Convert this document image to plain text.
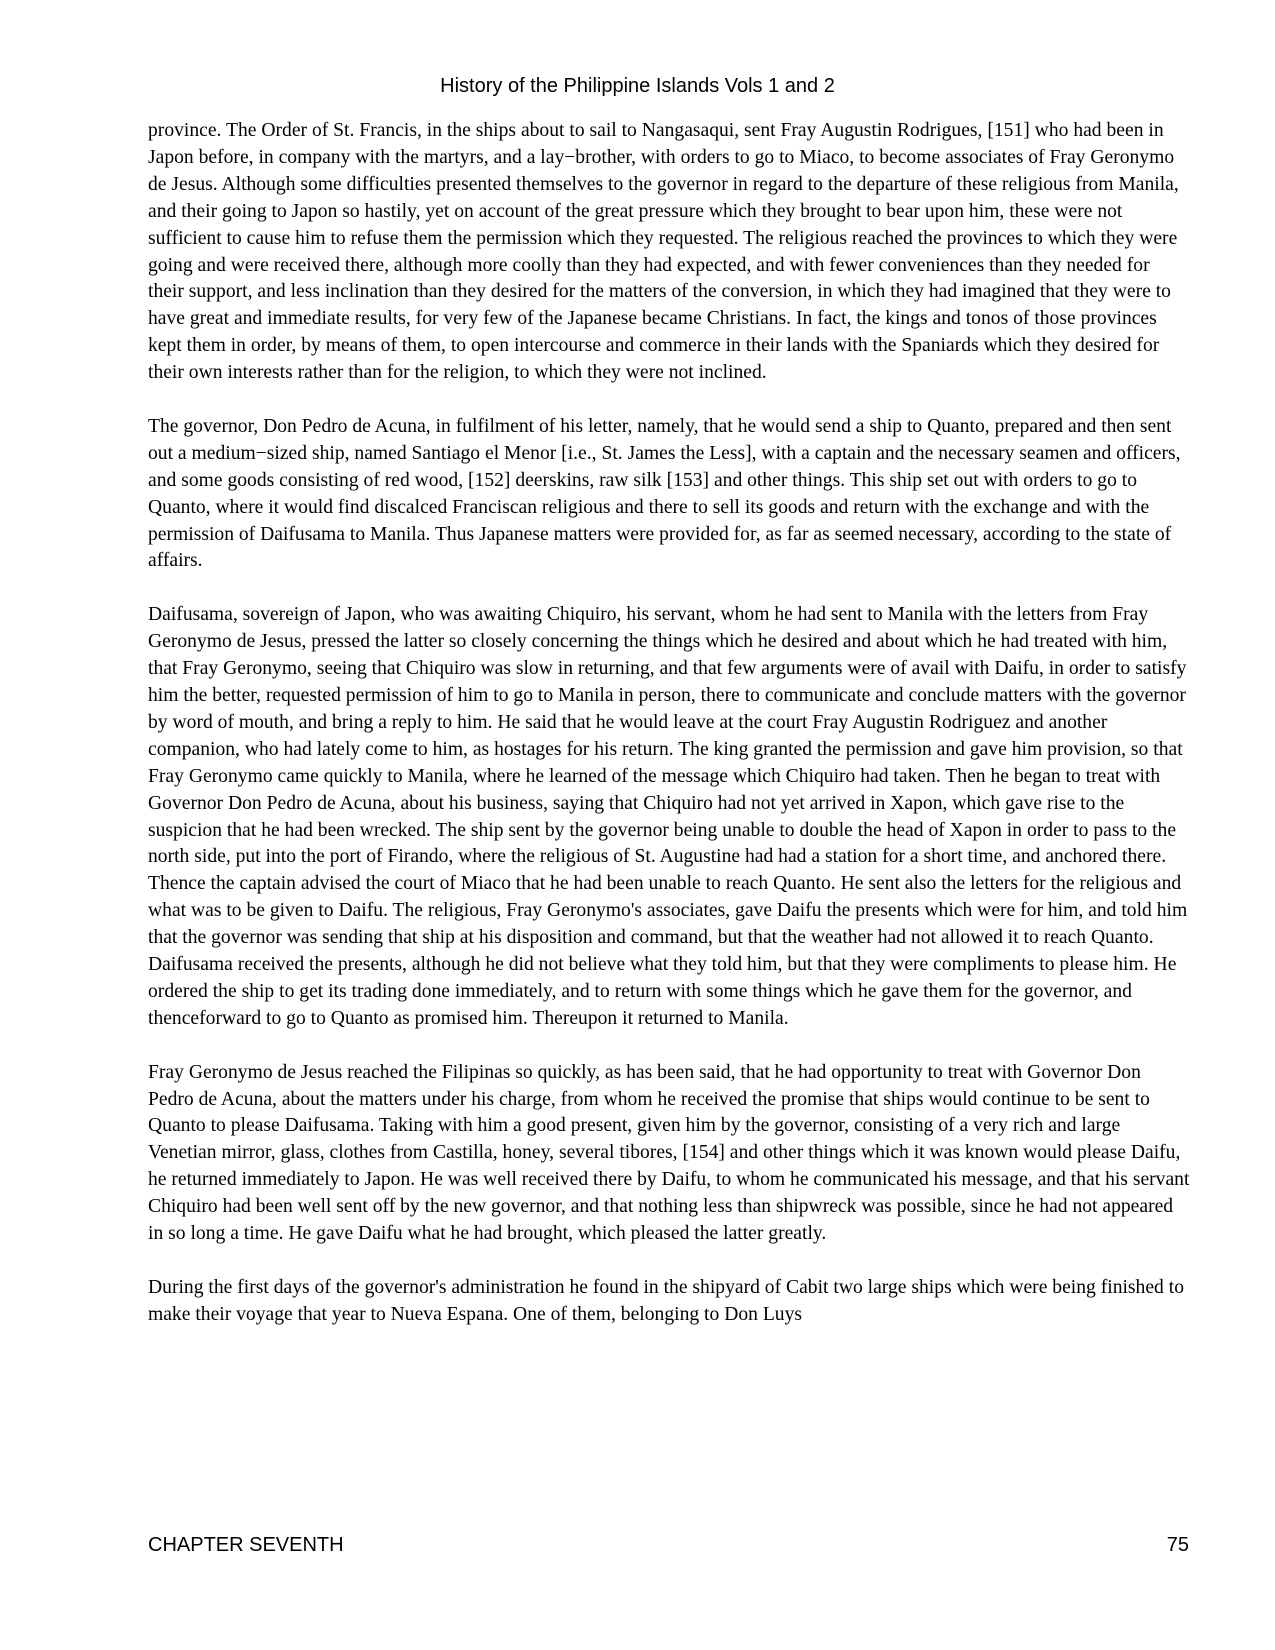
History of the Philippine Islands Vols 1 and 2

province. The Order of St. Francis, in the ships about to sail to Nangasaqui, sent Fray Augustin Rodrigues, [151] who had been in Japon before, in company with the martyrs, and a lay−brother, with orders to go to Miaco, to become associates of Fray Geronymo de Jesus. Although some difficulties presented themselves to the governor in regard to the departure of these religious from Manila, and their going to Japon so hastily, yet on account of the great pressure which they brought to bear upon him, these were not sufficient to cause him to refuse them the permission which they requested. The religious reached the provinces to which they were going and were received there, although more coolly than they had expected, and with fewer conveniences than they needed for their support, and less inclination than they desired for the matters of the conversion, in which they had imagined that they were to have great and immediate results, for very few of the Japanese became Christians. In fact, the kings and tonos of those provinces kept them in order, by means of them, to open intercourse and commerce in their lands with the Spaniards which they desired for their own interests rather than for the religion, to which they were not inclined.

The governor, Don Pedro de Acuna, in fulfilment of his letter, namely, that he would send a ship to Quanto, prepared and then sent out a medium−sized ship, named Santiago el Menor [i.e., St. James the Less], with a captain and the necessary seamen and officers, and some goods consisting of red wood, [152] deerskins, raw silk [153] and other things. This ship set out with orders to go to Quanto, where it would find discalced Franciscan religious and there to sell its goods and return with the exchange and with the permission of Daifusama to Manila. Thus Japanese matters were provided for, as far as seemed necessary, according to the state of affairs.

Daifusama, sovereign of Japon, who was awaiting Chiquiro, his servant, whom he had sent to Manila with the letters from Fray Geronymo de Jesus, pressed the latter so closely concerning the things which he desired and about which he had treated with him, that Fray Geronymo, seeing that Chiquiro was slow in returning, and that few arguments were of avail with Daifu, in order to satisfy him the better, requested permission of him to go to Manila in person, there to communicate and conclude matters with the governor by word of mouth, and bring a reply to him. He said that he would leave at the court Fray Augustin Rodriguez and another companion, who had lately come to him, as hostages for his return. The king granted the permission and gave him provision, so that Fray Geronymo came quickly to Manila, where he learned of the message which Chiquiro had taken. Then he began to treat with Governor Don Pedro de Acuna, about his business, saying that Chiquiro had not yet arrived in Xapon, which gave rise to the suspicion that he had been wrecked. The ship sent by the governor being unable to double the head of Xapon in order to pass to the north side, put into the port of Firando, where the religious of St. Augustine had had a station for a short time, and anchored there. Thence the captain advised the court of Miaco that he had been unable to reach Quanto. He sent also the letters for the religious and what was to be given to Daifu. The religious, Fray Geronymo's associates, gave Daifu the presents which were for him, and told him that the governor was sending that ship at his disposition and command, but that the weather had not allowed it to reach Quanto. Daifusama received the presents, although he did not believe what they told him, but that they were compliments to please him. He ordered the ship to get its trading done immediately, and to return with some things which he gave them for the governor, and thenceforward to go to Quanto as promised him. Thereupon it returned to Manila.

Fray Geronymo de Jesus reached the Filipinas so quickly, as has been said, that he had opportunity to treat with Governor Don Pedro de Acuna, about the matters under his charge, from whom he received the promise that ships would continue to be sent to Quanto to please Daifusama. Taking with him a good present, given him by the governor, consisting of a very rich and large Venetian mirror, glass, clothes from Castilla, honey, several tibores, [154] and other things which it was known would please Daifu, he returned immediately to Japon. He was well received there by Daifu, to whom he communicated his message, and that his servant Chiquiro had been well sent off by the new governor, and that nothing less than shipwreck was possible, since he had not appeared in so long a time. He gave Daifu what he had brought, which pleased the latter greatly.

During the first days of the governor's administration he found in the shipyard of Cabit two large ships which were being finished to make their voyage that year to Nueva Espana. One of them, belonging to Don Luys

CHAPTER SEVENTH	75
